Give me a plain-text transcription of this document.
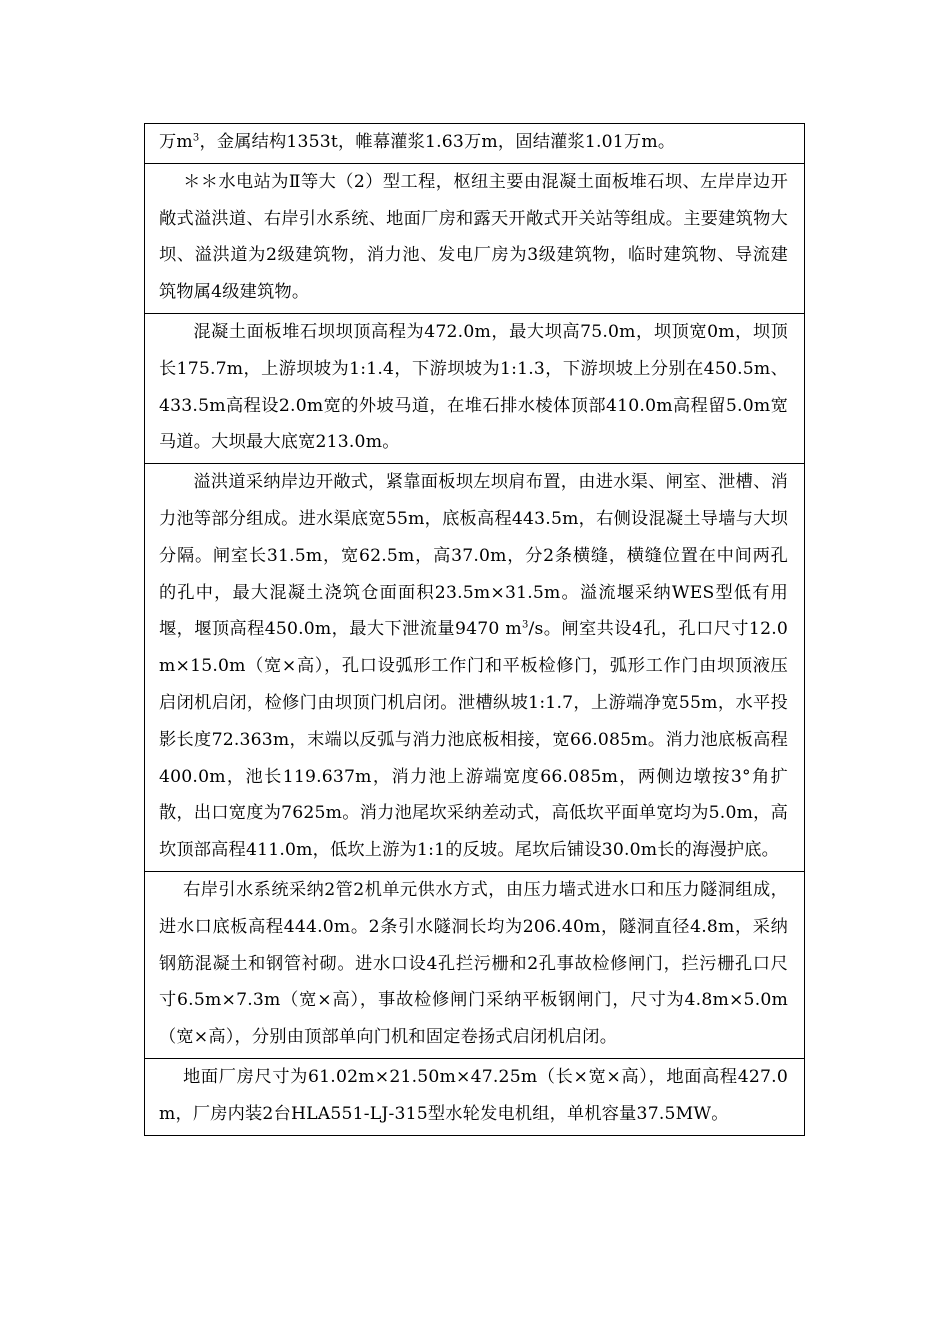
万$m^3$，金属结构1353t，帷幕灌浆1.63万m，固结灌浆1.01万m。

＊＊水电站为Ⅱ等大（2）型工程，枢纽主要由混凝土面板堆石坝、左岸岸边开敞式溢洪道、右岸引水系统、地面厂房和露天开敞式开关站等组成。主要建筑物大坝、溢洪道为2级建筑物，消力池、发电厂房为3级建筑物，临时建筑物、导流建筑物属4级建筑物。

混凝土面板堆石坝坝顶高程为472.0m，最大坝高75.0m，坝顶宽0m，坝顶长175.7m，上游坝坡为1:1.4，下游坝坡为1:1.3，下游坝坡上分别在450.5m、433.5m高程设2.0m宽的外坡马道，在堆石排水棱体顶部410.0m高程留5.0m宽马道。大坝最大底宽213.0m。

溢洪道采纳岸边开敞式，紧靠面板坝左坝肩布置，由进水渠、闸室、泄槽、消力池等部分组成。进水渠底宽55m，底板高程443.5m，右侧设混凝土导墙与大坝分隔。闸室长31.5m，宽62.5m，高37.0m，分2条横缝，横缝位置在中间两孔的孔中，最大混凝土浇筑仓面面积23.5m×31.5m。溢流堰采纳WES型低有用堰，堰顶高程450.0m，最大下泄流量9470 $m^3/s$。闸室共设4孔，孔口尺寸12.0m×15.0m（宽×高），孔口设弧形工作门和平板检修门，弧形工作门由坝顶液压启闭机启闭，检修门由坝顶门机启闭。泄槽纵坡1:1.7，上游端净宽55m，水平投影长度72.363m，末端以反弧与消力池底板相接，宽66.085m。消力池底板高程400.0m，池长119.637m，消力池上游端宽度66.085m，两侧边墩按3°角扩散，出口宽度为7625m。消力池尾坎采纳差动式，高低坎平面单宽均为5.0m，高坎顶部高程411.0m，低坎上游为1:1的反坡。尾坎后铺设30.0m长的海漫护底。

右岸引水系统采纳2管2机单元供水方式，由压力墙式进水口和压力隧洞组成，进水口底板高程444.0m。2条引水隧洞长均为206.40m，隧洞直径4.8m，采纳钢筋混凝土和钢管衬砌。进水口设4孔拦污栅和2孔事故检修闸门，拦污栅孔口尺寸6.5m×7.3m（宽×高），事故检修闸门采纳平板钢闸门，尺寸为4.8m×5.0m（宽×高），分别由顶部单向门机和固定卷扬式启闭机启闭。

地面厂房尺寸为61.02m×21.50m×47.25m（长×宽×高），地面高程427.0m，厂房内装2台HLA551-LJ-315型水轮发电机组，单机容量37.5MW。
